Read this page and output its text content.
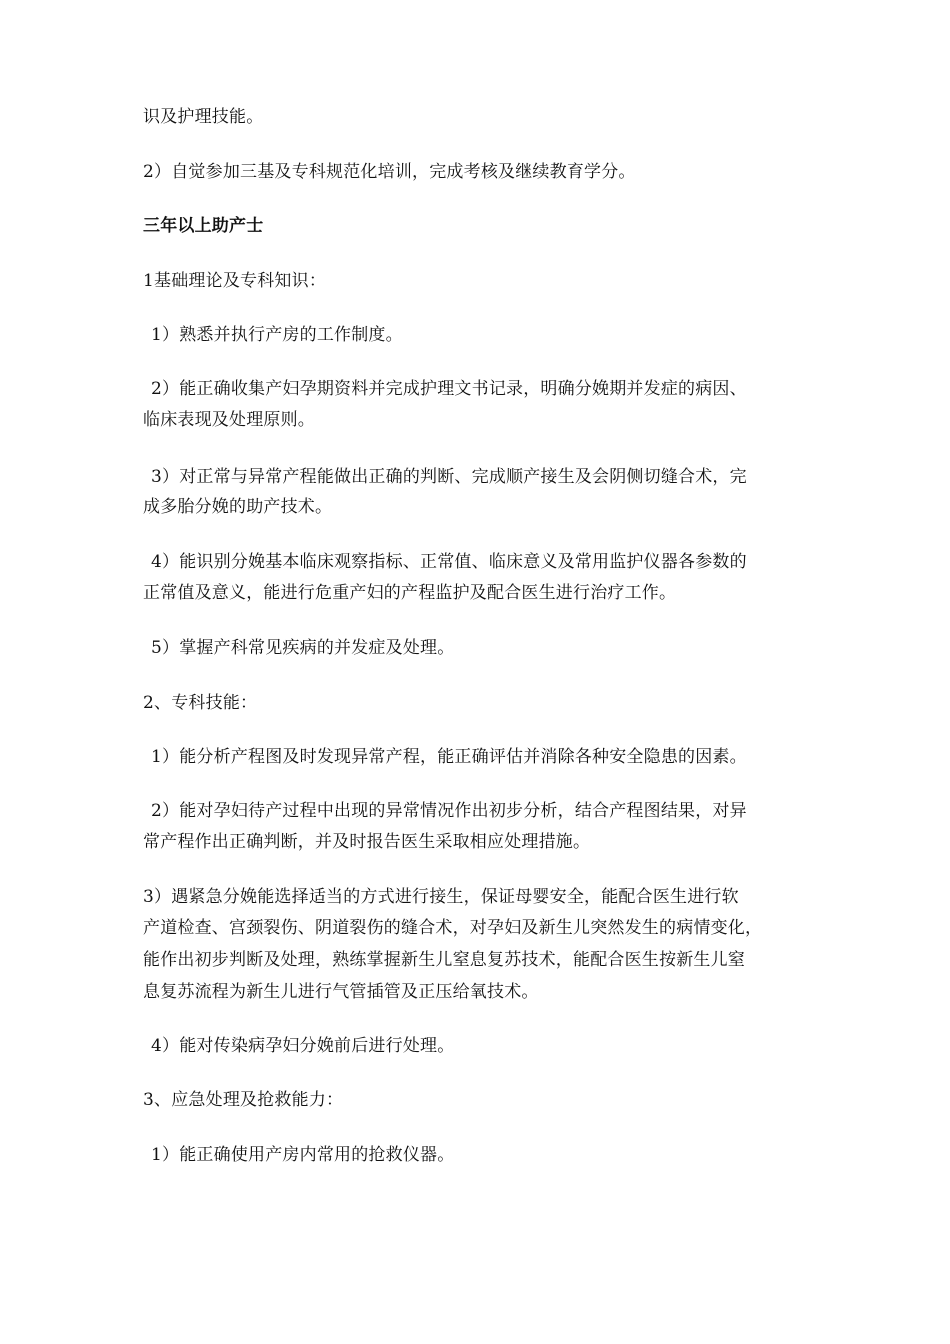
识及护理技能。
2）自觉参加三基及专科规范化培训，完成考核及继续教育学分。
三年以上助产士
1基础理论及专科知识：
1）熟悉并执行产房的工作制度。
2）能正确收集产妇孕期资料并完成护理文书记录，明确分娩期并发症的病因、
临床表现及处理原则。
3）对正常与异常产程能做出正确的判断、完成顺产接生及会阴侧切缝合术，完
成多胎分娩的助产技术。
4）能识别分娩基本临床观察指标、正常值、临床意义及常用监护仪器各参数的
正常值及意义，能进行危重产妇的产程监护及配合医生进行治疗工作。
5）掌握产科常见疾病的并发症及处理。
2、专科技能：
1）能分析产程图及时发现异常产程，能正确评估并消除各种安全隐患的因素。
2）能对孕妇待产过程中出现的异常情况作出初步分析，结合产程图结果，对异
常产程作出正确判断，并及时报告医生采取相应处理措施。
3）遇紧急分娩能选择适当的方式进行接生，保证母婴安全，能配合医生进行软
产道检查、宫颈裂伤、阴道裂伤的缝合术，对孕妇及新生儿突然发生的病情变化，
能作出初步判断及处理，熟练掌握新生儿窒息复苏技术，能配合医生按新生儿窒
息复苏流程为新生儿进行气管插管及正压给氧技术。
4）能对传染病孕妇分娩前后进行处理。
3、应急处理及抢救能力：
1）能正确使用产房内常用的抢救仪器。
